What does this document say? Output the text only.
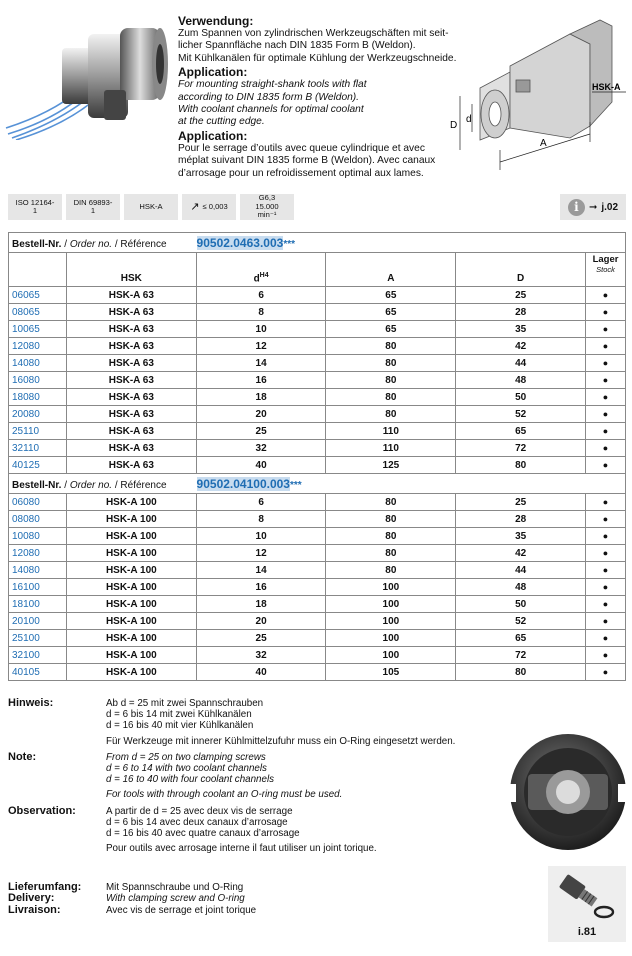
Verwendung:
Zum Spannen von zylindrischen Werkzeugschäften mit seit-
licher Spannfläche nach DIN 1835 Form B (Weldon).
Mit Kühlkanälen für optimale Kühlung der Werkzeugschneide.
Application:
For mounting straight-shank tools with flat
according to DIN 1835 form B (Weldon).
With coolant channels for optimal coolant
at the cutting edge.
Application:
Pour le serrage d’outils avec queue cylindrique et avec
méplat suivant DIN 1835 forme B (Weldon). Avec canaux
d’arrosage pour un refroidissement optimal aux lames.
D
d
A
HSK-A
ISO 12164-1
DIN 69893-1	HSK-A	↗ ≤ 0,003
G6,3
15.000 min⁻¹
i	➞ j.02
Bestell-Nr. / Order no. / Référence 90502.0463.003***					
	HSK	$d^{H4}$	A	D	Lager
Stock
06065	HSK-A 63	6	65	25	●
08065	HSK-A 63	8	65	28	●
10065	HSK-A 63	10	65	35	●
12080	HSK-A 63	12	80	42	●
14080	HSK-A 63	14	80	44	●
16080	HSK-A 63	16	80	48	●
18080	HSK-A 63	18	80	50	●
20080	HSK-A 63	20	80	52	●
25110	HSK-A 63	25	110	65	●
32110	HSK-A 63	32	110	72	●
40125	HSK-A 63	40	125	80	●
Bestell-Nr. / Order no. / Référence 90502.04100.003***					
06080	HSK-A 100	6	80	25	●
08080	HSK-A 100	8	80	28	●
10080	HSK-A 100	10	80	35	●
12080	HSK-A 100	12	80	42	●
14080	HSK-A 100	14	80	44	●
16100	HSK-A 100	16	100	48	●
18100	HSK-A 100	18	100	50	●
20100	HSK-A 100	20	100	52	●
25100	HSK-A 100	25	100	65	●
32100	HSK-A 100	32	100	72	●
40105	HSK-A 100	40	105	80	●
Hinweis:	Ab d = 25 mit zwei Spannschrauben
d = 6 bis 14 mit zwei Kühlkanälen
d = 16 bis 40 mit vier Kühlkanälen
Für Werkzeuge mit innerer Kühlmittelzufuhr muss ein O-Ring eingesetzt werden.
Note:	From d = 25 on two clamping screws
d = 6 to 14 with two coolant channels
d = 16 to 40 with four coolant channels
For tools with through coolant an O-ring must be used.
Observation:	A partir de d = 25 avec deux vis de serrage
d = 6 bis 14 avec deux canaux d’arrosage
d = 16 bis 40 avec quatre canaux d’arrosage
Pour outils avec arrosage interne il faut utiliser un joint torique.
Lieferumfang:	Mit Spannschraube und O-Ring
Delivery:	With clamping screw and O-ring
Livraison:	Avec vis de serrage et joint torique
i.81
